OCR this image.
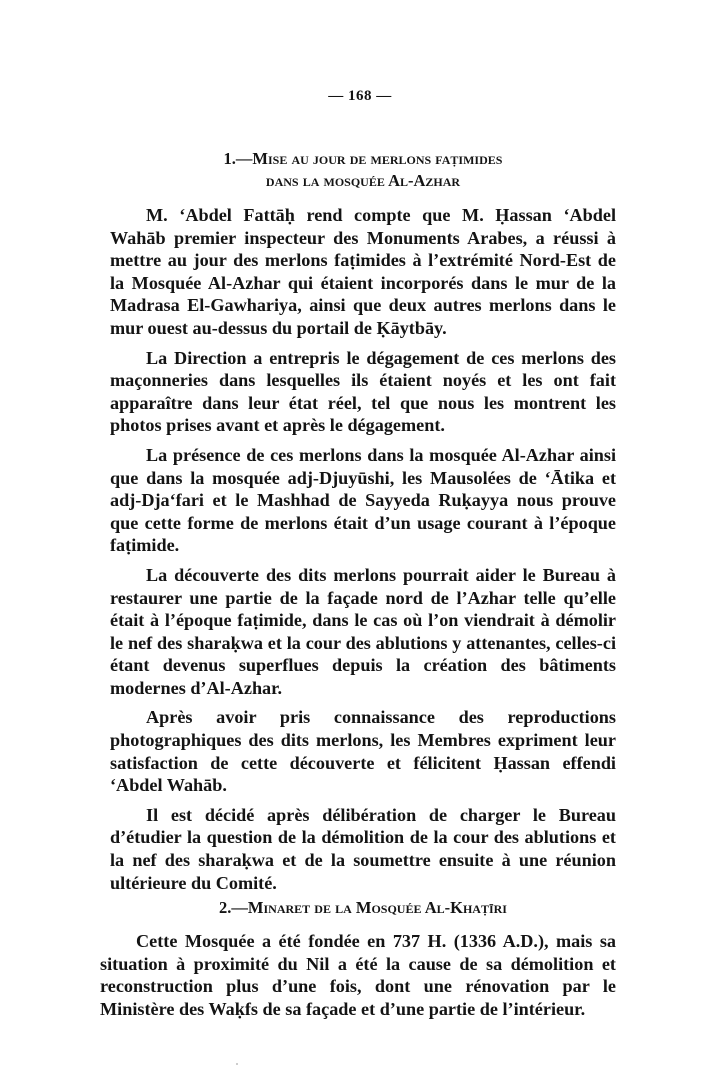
— 168 —

1.—Mise au jour de merlons faṭimides

dans la mosquée Al-Azhar

M. ‘Abdel Fattāḥ rend compte que M. Ḥassan ‘Abdel Wahāb premier inspecteur des Monuments Arabes, a réussi à mettre au jour des merlons faṭimides à l’extrémité Nord-Est de la Mosquée Al-Azhar qui étaient incorporés dans le mur de la Madrasa El-Gawhariya, ainsi que deux autres merlons dans le mur ouest au-dessus du portail de Ḳāytbāy.

La Direction a entrepris le dégagement de ces merlons des maçonneries dans lesquelles ils étaient noyés et les ont fait apparaître dans leur état réel, tel que nous les montrent les photos prises avant et après le dégagement.

La présence de ces merlons dans la mosquée Al-Azhar ainsi que dans la mosquée adj-Djuyūshi, les Mausolées de ‘Ātika et adj-Dja‘fari et le Mashhad de Sayyeda Ruḳayya nous prouve que cette forme de merlons était d’un usage courant à l’époque faṭimide.

La découverte des dits merlons pourrait aider le Bureau à restaurer une partie de la façade nord de l’Azhar telle qu’elle était à l’époque faṭimide, dans le cas où l’on viendrait à démolir le nef des sharaḳwa et la cour des ablutions y attenantes, celles-ci étant devenus superflues depuis la création des bâtiments modernes d’Al-Azhar.

Après avoir pris connaissance des reproductions photographiques des dits merlons, les Membres expriment leur satisfaction de cette découverte et félicitent Ḥassan effendi ‘Abdel Wahāb.

Il est décidé après délibération de charger le Bureau d’étudier la question de la démolition de la cour des ablutions et la nef des sharaḳwa et de la soumettre ensuite à une réunion ultérieure du Comité.

2.—Minaret de la Mosquée Al-Khaṭīri

Cette Mosquée a été fondée en 737 H. (1336 A.D.), mais sa situation à proximité du Nil a été la cause de sa démolition et reconstruction plus d’une fois, dont une rénovation par le Ministère des Waḳfs de sa façade et d’une partie de l’intérieur.
